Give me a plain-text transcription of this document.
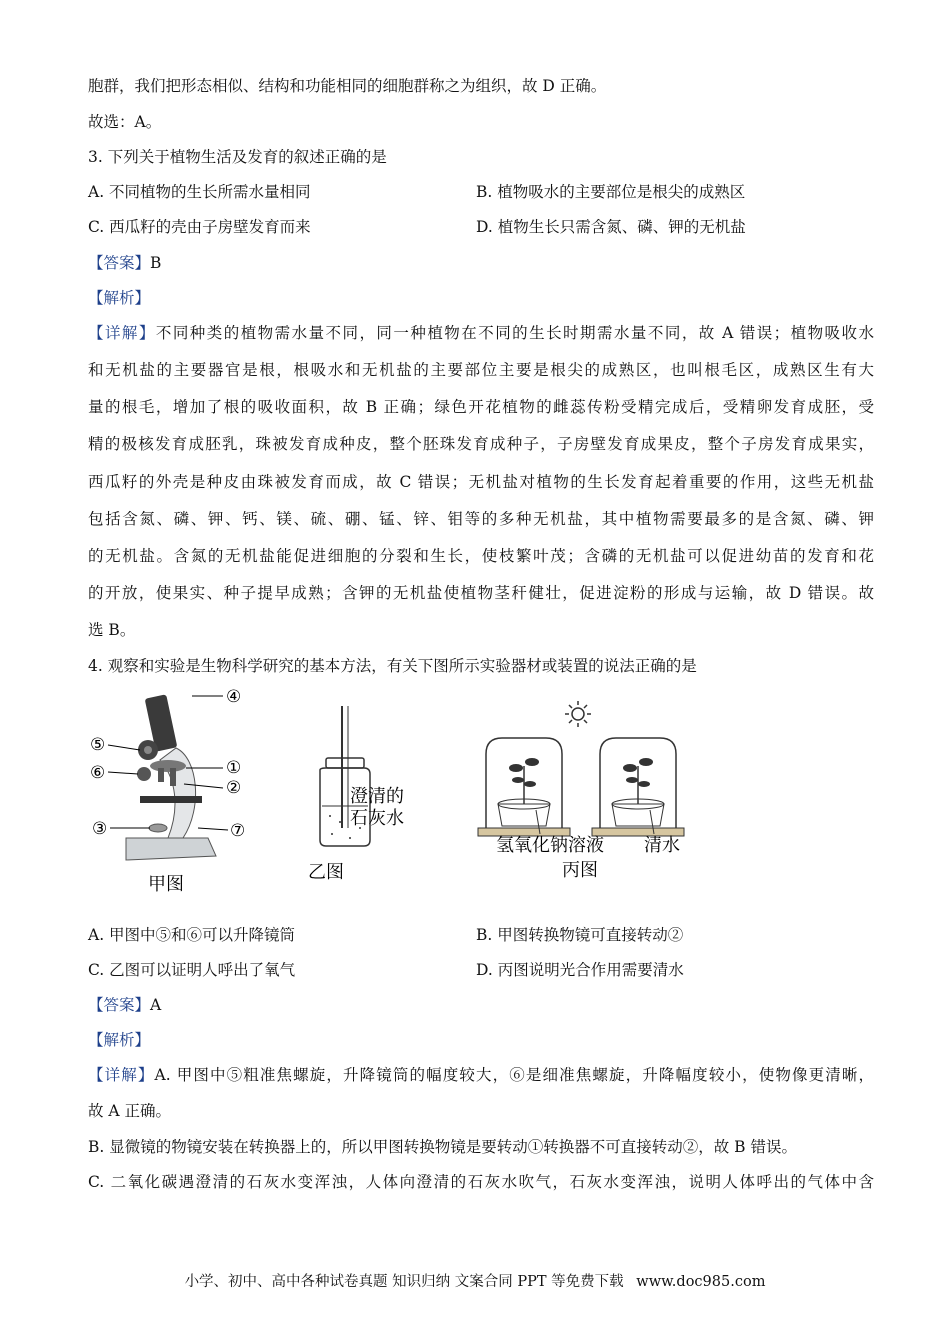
胞群，我们把形态相似、结构和功能相同的细胞群称之为组织，故 D 正确。
故选：A。
3. 下列关于植物生活及发育的叙述正确的是
A. 不同植物的生长所需水量相同	B. 植物吸水的主要部位是根尖的成熟区
C. 西瓜籽的壳由子房壁发育而来	D. 植物生长只需含氮、磷、钾的无机盐
【答案】B
【解析】
【详解】不同种类的植物需水量不同，同一种植物在不同的生长时期需水量不同，故 A 错误；植物吸收水
和无机盐的主要器官是根，根吸水和无机盐的主要部位主要是根尖的成熟区，也叫根毛区，成熟区生有大
量的根毛，增加了根的吸收面积，故 B 正确；绿色开花植物的雌蕊传粉受精完成后，受精卵发育成胚，受
精的极核发育成胚乳，珠被发育成种皮，整个胚珠发育成种子，子房壁发育成果皮，整个子房发育成果实，
西瓜籽的外壳是种皮由珠被发育而成，故 C 错误；无机盐对植物的生长发育起着重要的作用，这些无机盐
包括含氮、磷、钾、钙、镁、硫、硼、锰、锌、钼等的多种无机盐，其中植物需要最多的是含氮、磷、钾
的无机盐。含氮的无机盐能促进细胞的分裂和生长，使枝繁叶茂；含磷的无机盐可以促进幼苗的发育和花
的开放，使果实、种子提早成熟；含钾的无机盐使植物茎秆健壮，促进淀粉的形成与运输，故 D 错误。故
选 B。
4. 观察和实验是生物科学研究的基本方法，有关下图所示实验器材或装置的说法正确的是
④
⑤
⑥	①
②
③	⑦
甲图
澄清的
石灰水
乙图
氢氧化钠溶液 清水
丙图
A. 甲图中⑤和⑥可以升降镜筒	B. 甲图转换物镜可直接转动②
C. 乙图可以证明人呼出了氧气	D. 丙图说明光合作用需要清水
【答案】A
【解析】
【详解】A. 甲图中⑤粗准焦螺旋，升降镜筒的幅度较大，⑥是细准焦螺旋，升降幅度较小，使物像更清晰，
故 A 正确。
B. 显微镜的物镜安装在转换器上的，所以甲图转换物镜是要转动①转换器不可直接转动②，故 B 错误。
C. 二氧化碳遇澄清的石灰水变浑浊，人体向澄清的石灰水吹气，石灰水变浑浊，说明人体呼出的气体中含
小学、初中、高中各种试卷真题 知识归纳 文案合同 PPT 等免费下载 www.doc985.com
